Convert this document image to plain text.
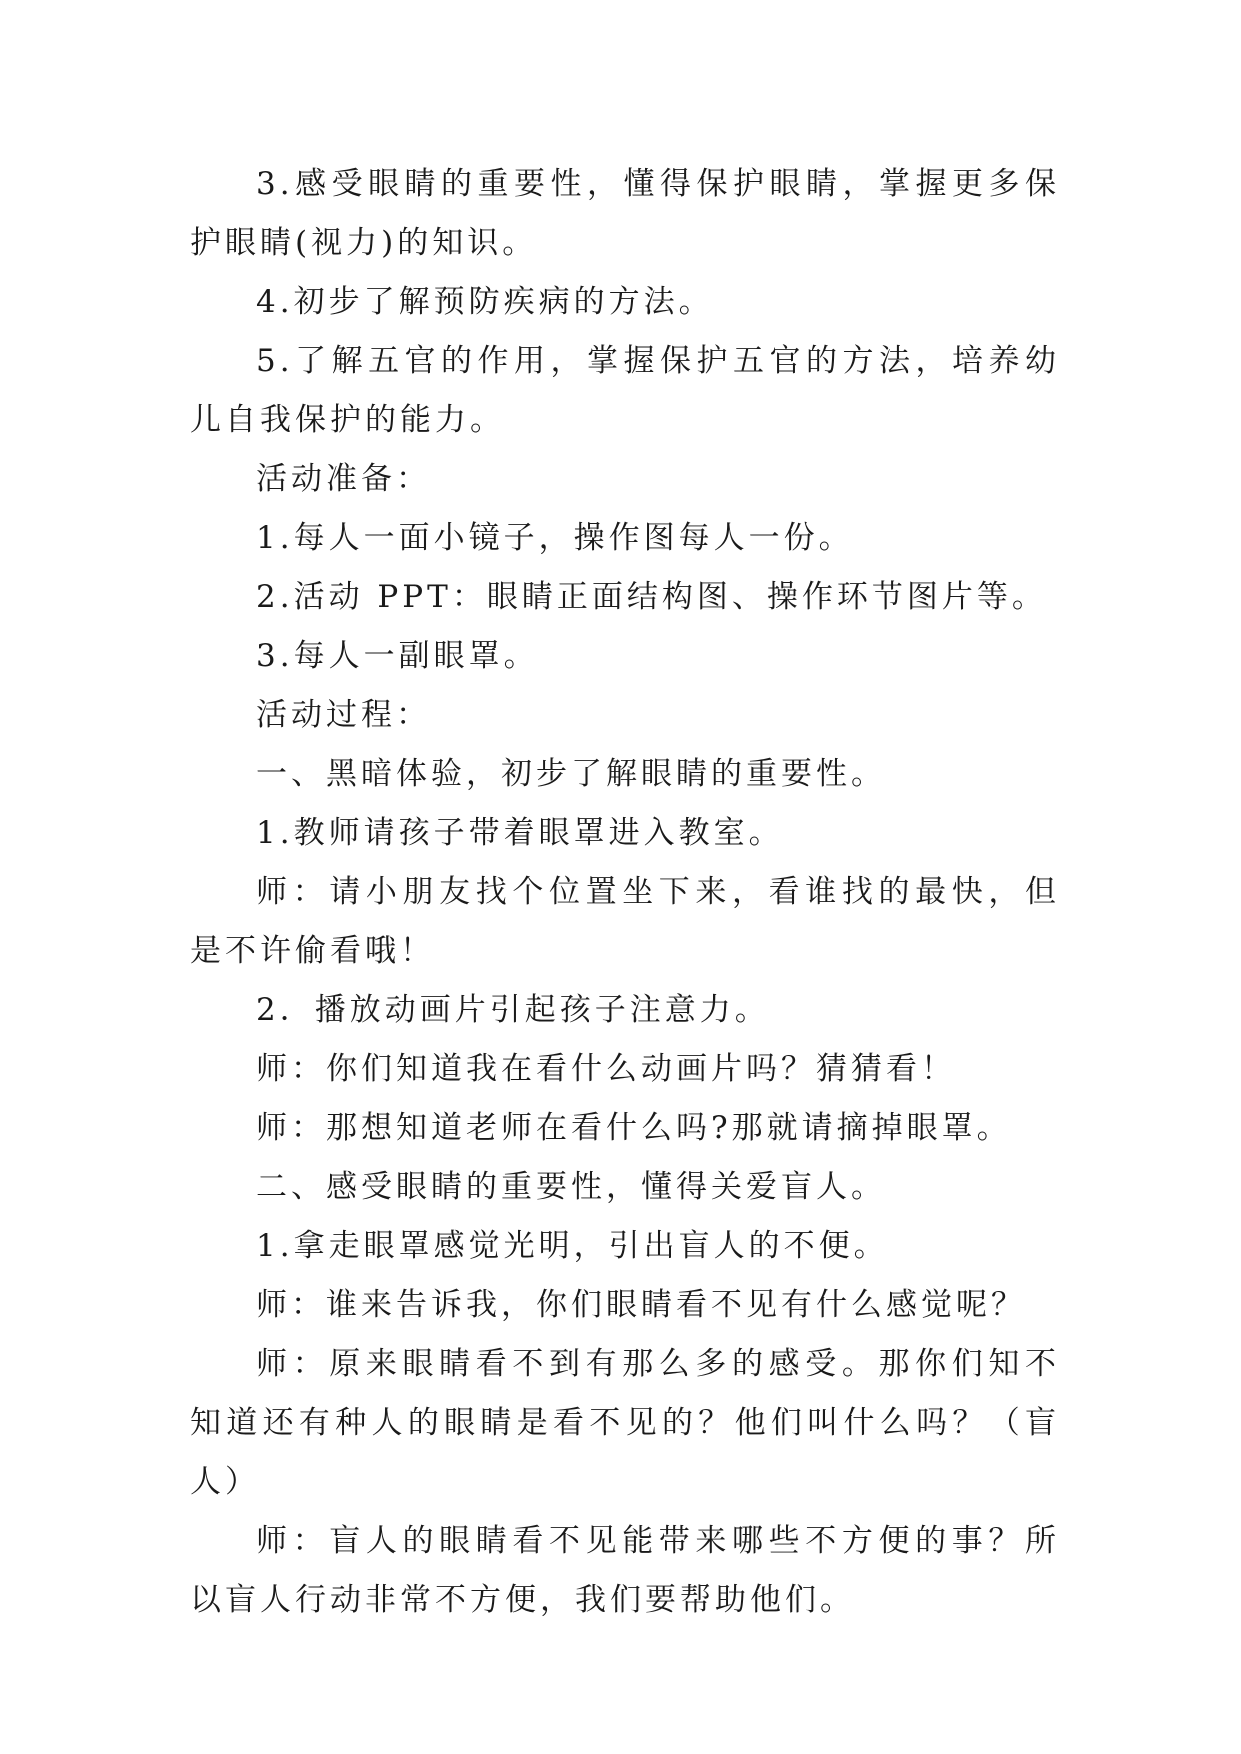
3.感受眼睛的重要性，懂得保护眼睛，掌握更多保护眼睛(视力)的知识。

4.初步了解预防疾病的方法。

5.了解五官的作用，掌握保护五官的方法，培养幼儿自我保护的能力。

活动准备：

1.每人一面小镜子，操作图每人一份。

2.活动 PPT：眼睛正面结构图、操作环节图片等。

3.每人一副眼罩。

活动过程：

一、黑暗体验，初步了解眼睛的重要性。

1.教师请孩子带着眼罩进入教室。

师：请小朋友找个位置坐下来，看谁找的最快，但是不许偷看哦！

2．播放动画片引起孩子注意力。

师：你们知道我在看什么动画片吗？猜猜看！

师：那想知道老师在看什么吗?那就请摘掉眼罩。

二、感受眼睛的重要性，懂得关爱盲人。

1.拿走眼罩感觉光明，引出盲人的不便。

师：谁来告诉我，你们眼睛看不见有什么感觉呢？

师：原来眼睛看不到有那么多的感受。那你们知不知道还有种人的眼睛是看不见的？他们叫什么吗？（盲人）

师：盲人的眼睛看不见能带来哪些不方便的事？所以盲人行动非常不方便，我们要帮助他们。
